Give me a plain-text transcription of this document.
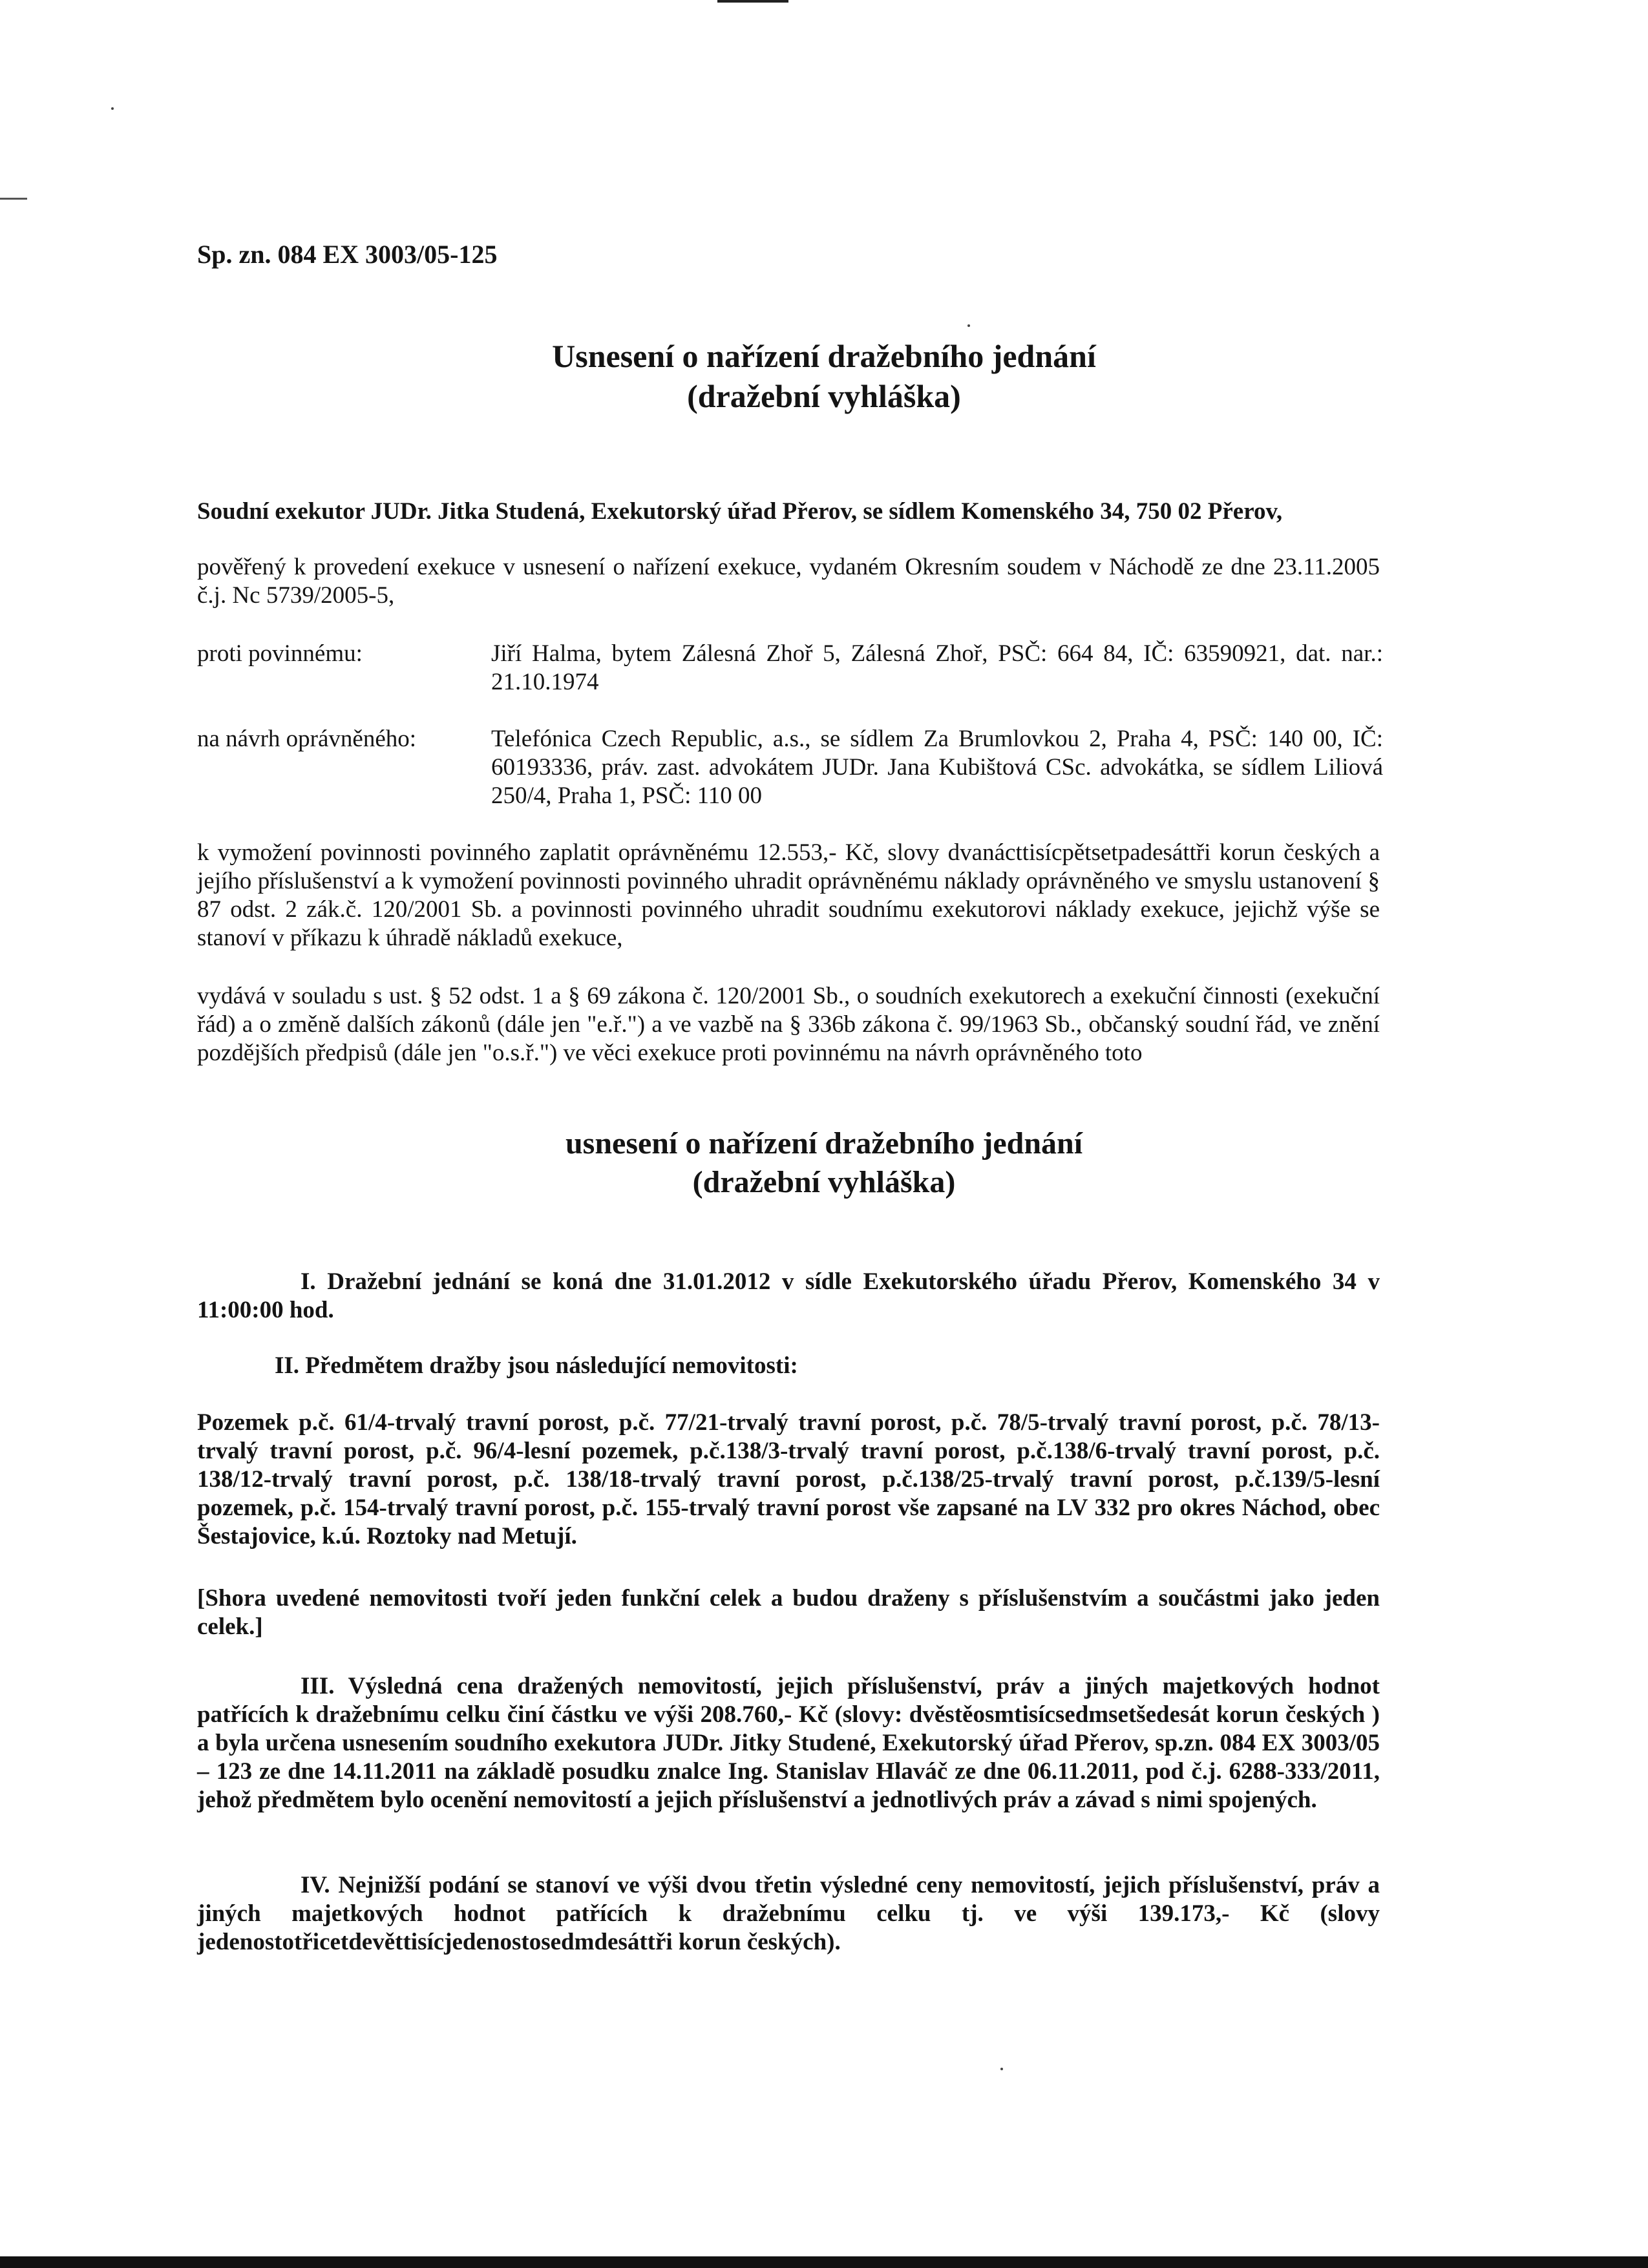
Sp. zn. 084 EX 3003/05-125
Usnesení o nařízení dražebního jednání
(dražební vyhláška)
Soudní exekutor JUDr. Jitka Studená, Exekutorský úřad Přerov, se sídlem Komenského 34, 750 02 Přerov,
pověřený k provedení exekuce v usnesení o nařízení exekuce, vydaném Okresním soudem v Náchodě ze dne 23.11.2005 č.j. Nc 5739/2005-5,
proti povinnému:	Jiří Halma, bytem Zálesná Zhoř 5, Zálesná Zhoř, PSČ: 664 84, IČ: 63590921, dat. nar.: 21.10.1974
na návrh oprávněného:	Telefónica Czech Republic, a.s., se sídlem Za Brumlovkou 2, Praha 4, PSČ: 140 00, IČ: 60193336, práv. zast. advokátem JUDr. Jana Kubištová CSc. advokátka, se sídlem Liliová 250/4, Praha 1, PSČ: 110 00
k vymožení povinnosti povinného zaplatit oprávněnému 12.553,- Kč, slovy dvanácttisícpětsetpadesáttři korun českých a jejího příslušenství a k vymožení povinnosti povinného uhradit oprávněnému náklady oprávněného ve smyslu ustanovení § 87 odst. 2 zák.č. 120/2001 Sb. a povinnosti povinného uhradit soudnímu exekutorovi náklady exekuce, jejichž výše se stanoví v příkazu k úhradě nákladů exekuce,
vydává v souladu s ust. § 52 odst. 1 a § 69 zákona č. 120/2001 Sb., o soudních exekutorech a exekuční činnosti (exekuční řád) a o změně dalších zákonů (dále jen "e.ř.") a ve vazbě na § 336b zákona č. 99/1963 Sb., občanský soudní řád, ve znění pozdějších předpisů (dále jen "o.s.ř.") ve věci exekuce proti povinnému na návrh oprávněného toto
usnesení o nařízení dražebního jednání
(dražební vyhláška)
I. Dražební jednání se koná dne 31.01.2012 v sídle Exekutorského úřadu Přerov, Komenského 34 v 11:00:00 hod.
II. Předmětem dražby jsou následující nemovitosti:
Pozemek p.č. 61/4-trvalý travní porost, p.č. 77/21-trvalý travní porost, p.č. 78/5-trvalý travní porost, p.č. 78/13-trvalý travní porost, p.č. 96/4-lesní pozemek, p.č.138/3-trvalý travní porost, p.č.138/6-trvalý travní porost, p.č. 138/12-trvalý travní porost, p.č. 138/18-trvalý travní porost, p.č.138/25-trvalý travní porost, p.č.139/5-lesní pozemek, p.č. 154-trvalý travní porost, p.č. 155-trvalý travní porost vše zapsané na LV 332 pro okres Náchod, obec Šestajovice, k.ú. Roztoky nad Metují.
[Shora uvedené nemovitosti tvoří jeden funkční celek a budou draženy s příslušenstvím a součástmi jako jeden celek.]
III. Výsledná cena dražených nemovitostí, jejich příslušenství, práv a jiných majetkových hodnot patřících k dražebnímu celku činí částku ve výši 208.760,- Kč (slovy: dvěstěosmtisícsedmsetšedesát korun českých ) a byla určena usnesením soudního exekutora JUDr. Jitky Studené, Exekutorský úřad Přerov, sp.zn. 084 EX 3003/05 – 123 ze dne 14.11.2011 na základě posudku znalce Ing. Stanislav Hlaváč ze dne 06.11.2011, pod č.j. 6288-333/2011, jehož předmětem bylo ocenění nemovitostí a jejich příslušenství a jednotlivých práv a závad s nimi spojených.
IV. Nejnižší podání se stanoví ve výši dvou třetin výsledné ceny nemovitostí, jejich příslušenství, práv a jiných majetkových hodnot patřících k dražebnímu celku tj. ve výši 139.173,- Kč (slovy jedenostotřicetdevěttisícjedenostosedmdesáttři korun českých).
